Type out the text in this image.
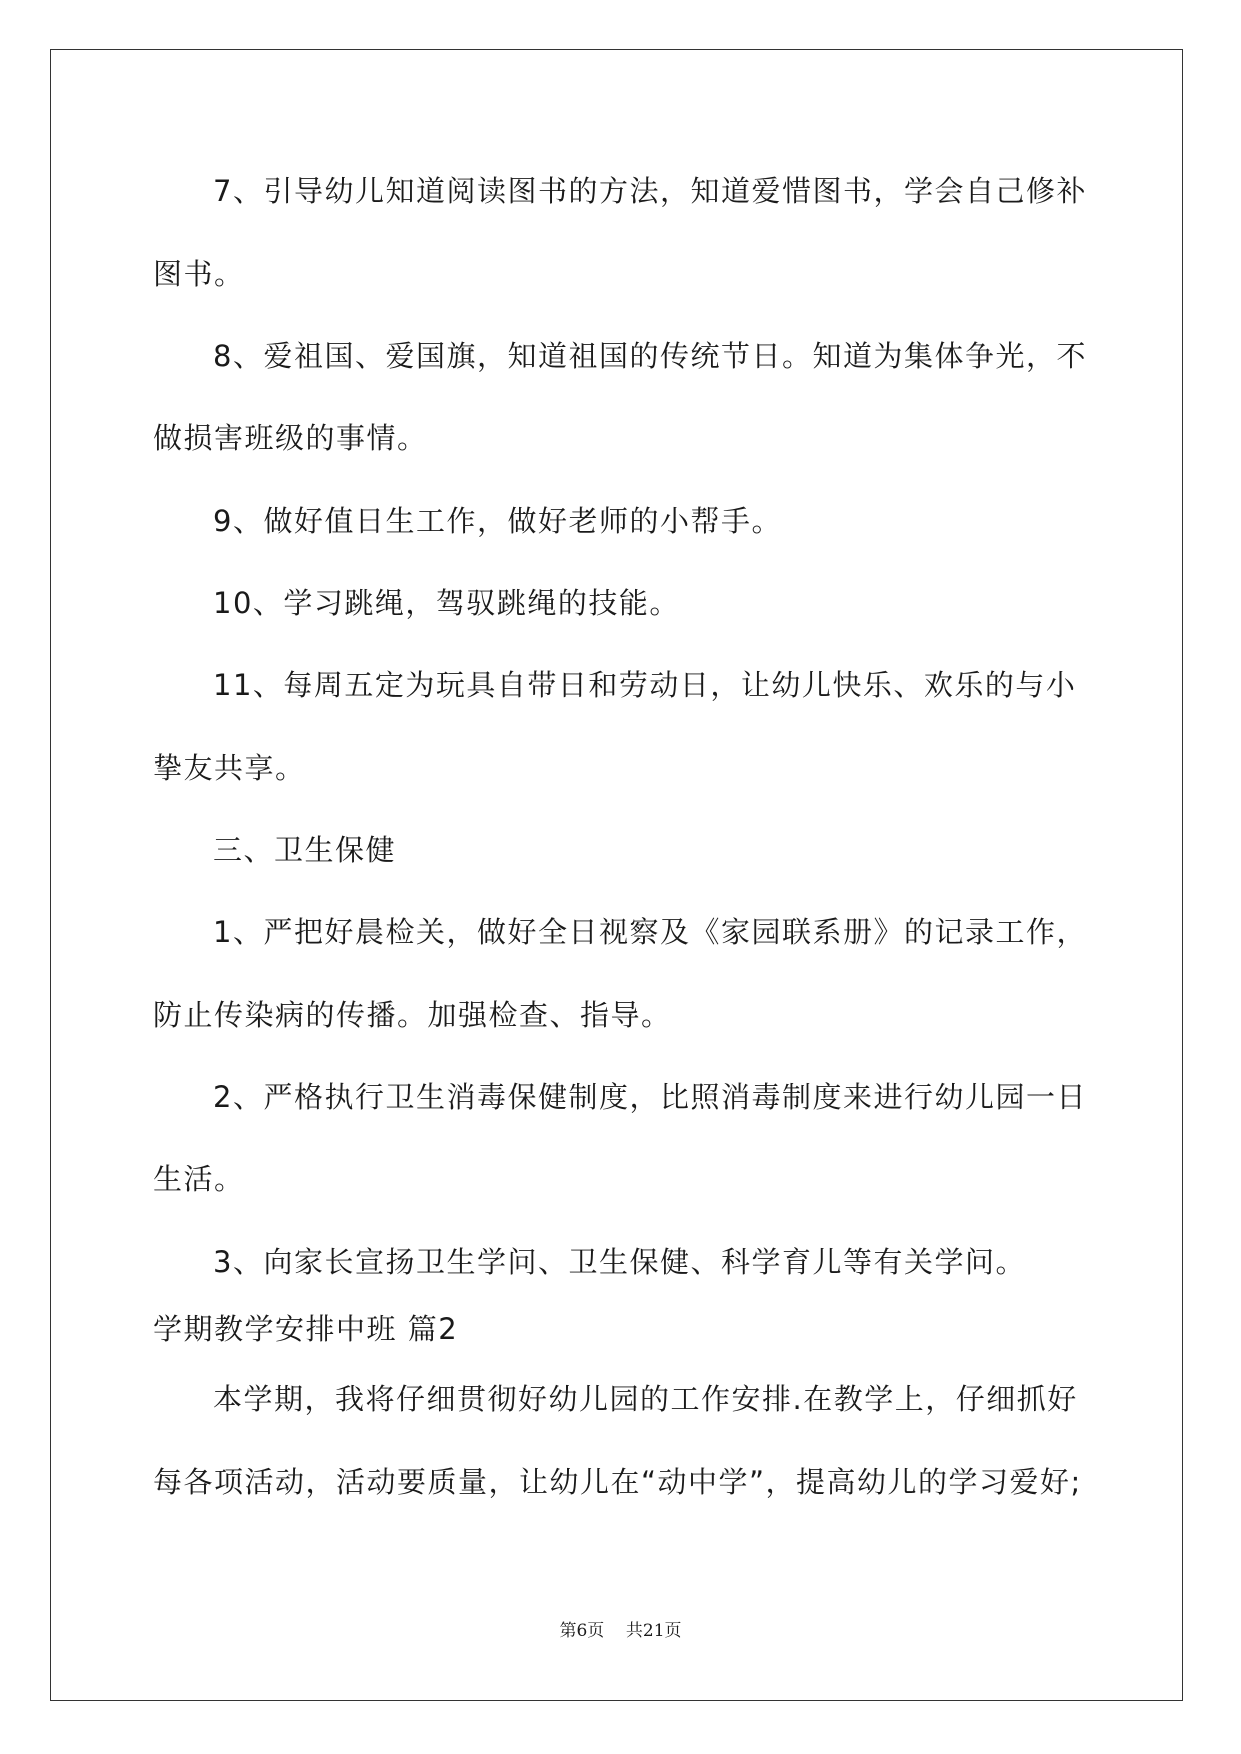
7、引导幼儿知道阅读图书的方法，知道爱惜图书，学会自己修补
图书。
8、爱祖国、爱国旗，知道祖国的传统节日。知道为集体争光，不
做损害班级的事情。
9、做好值日生工作，做好老师的小帮手。
10、学习跳绳，驾驭跳绳的技能。
11、每周五定为玩具自带日和劳动日，让幼儿快乐、欢乐的与小
挚友共享。
三、卫生保健
1、严把好晨检关，做好全日视察及《家园联系册》的记录工作，
防止传染病的传播。加强检查、指导。
2、严格执行卫生消毒保健制度，比照消毒制度来进行幼儿园一日
生活。
3、向家长宣扬卫生学问、卫生保健、科学育儿等有关学问。
学期教学安排中班 篇2
本学期，我将仔细贯彻好幼儿园的工作安排.在教学上，仔细抓好
每各项活动，活动要质量，让幼儿在“动中学”，提高幼儿的学习爱好;
第6页    共21页
